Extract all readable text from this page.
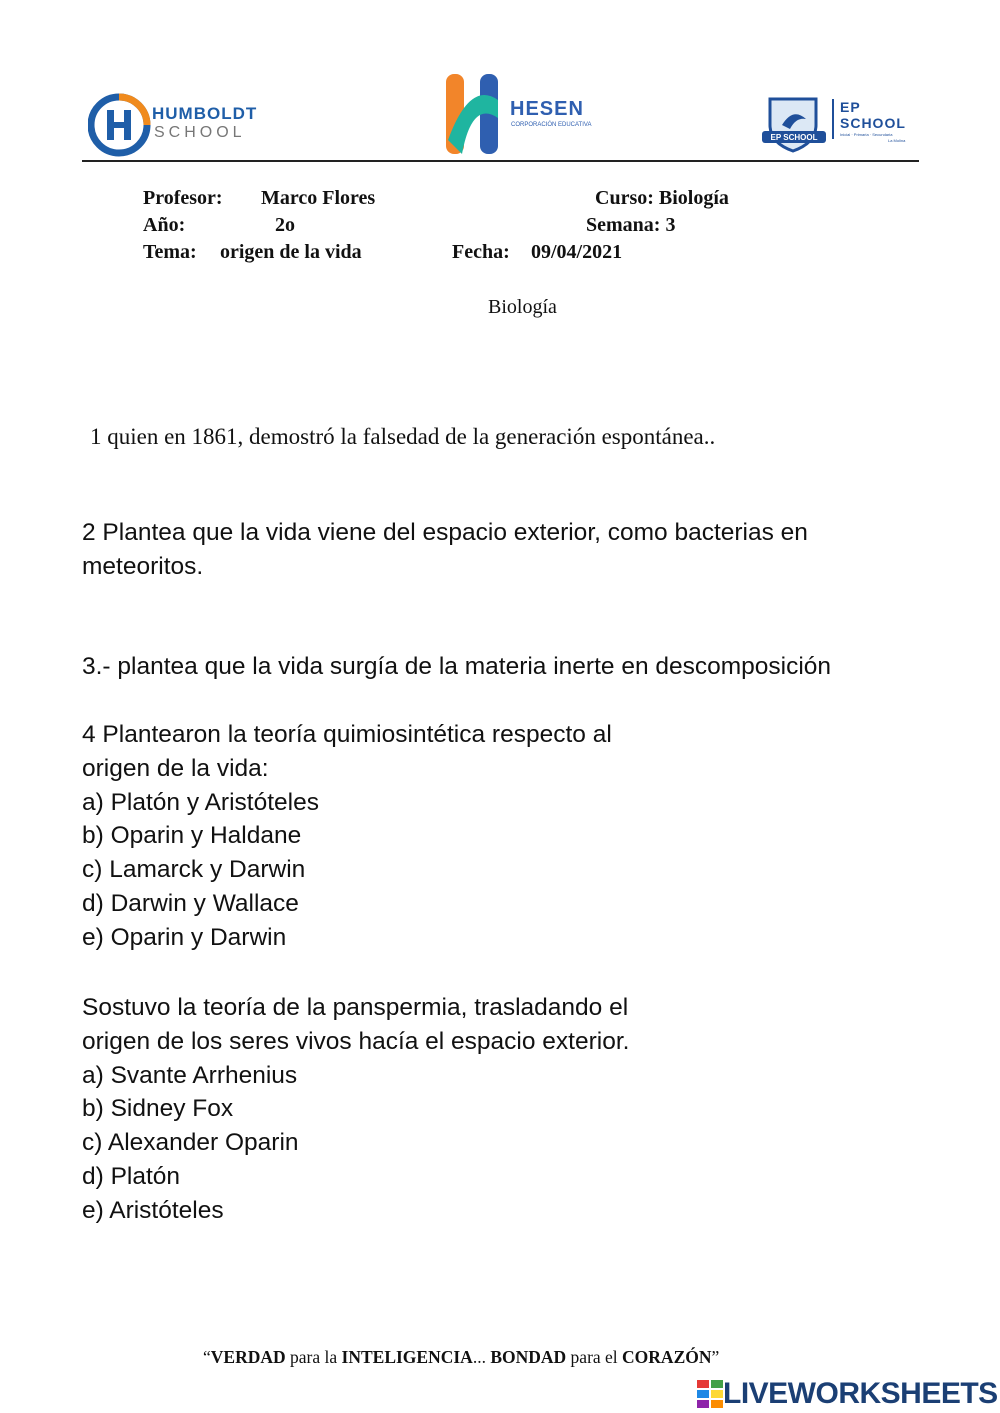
HUMBOLDT
SCHOOL
HESEN
CORPORACIÓN EDUCATIVA
EP SCHOOL
EP
SCHOOL
Inicial · Primaria · Secundaria
La Molina
Profesor: Marco Flores	Curso: Biología
Año:	2o	Semana: 3
Tema: origen de la vida	Fecha: 09/04/2021
Biología
1 quien en 1861, demostró la falsedad de la generación espontánea..

2 Plantea que la vida viene del espacio exterior, como bacterias en

meteoritos.

3.- plantea que la vida surgía de la materia inerte en descomposición

4 Plantearon la teoría quimiosintética respecto al

origen de la vida:

a) Platón y Aristóteles

b) Oparin y Haldane

c) Lamarck y Darwin

d) Darwin y Wallace

e) Oparin y Darwin

Sostuvo la teoría de la panspermia, trasladando el

origen de los seres vivos hacía el espacio exterior.

a) Svante Arrhenius

b) Sidney Fox

c) Alexander Oparin

d) Platón

e) Aristóteles

“VERDAD para la INTELIGENCIA... BONDAD para el CORAZÓN”
LIVEWORKSHEETS
